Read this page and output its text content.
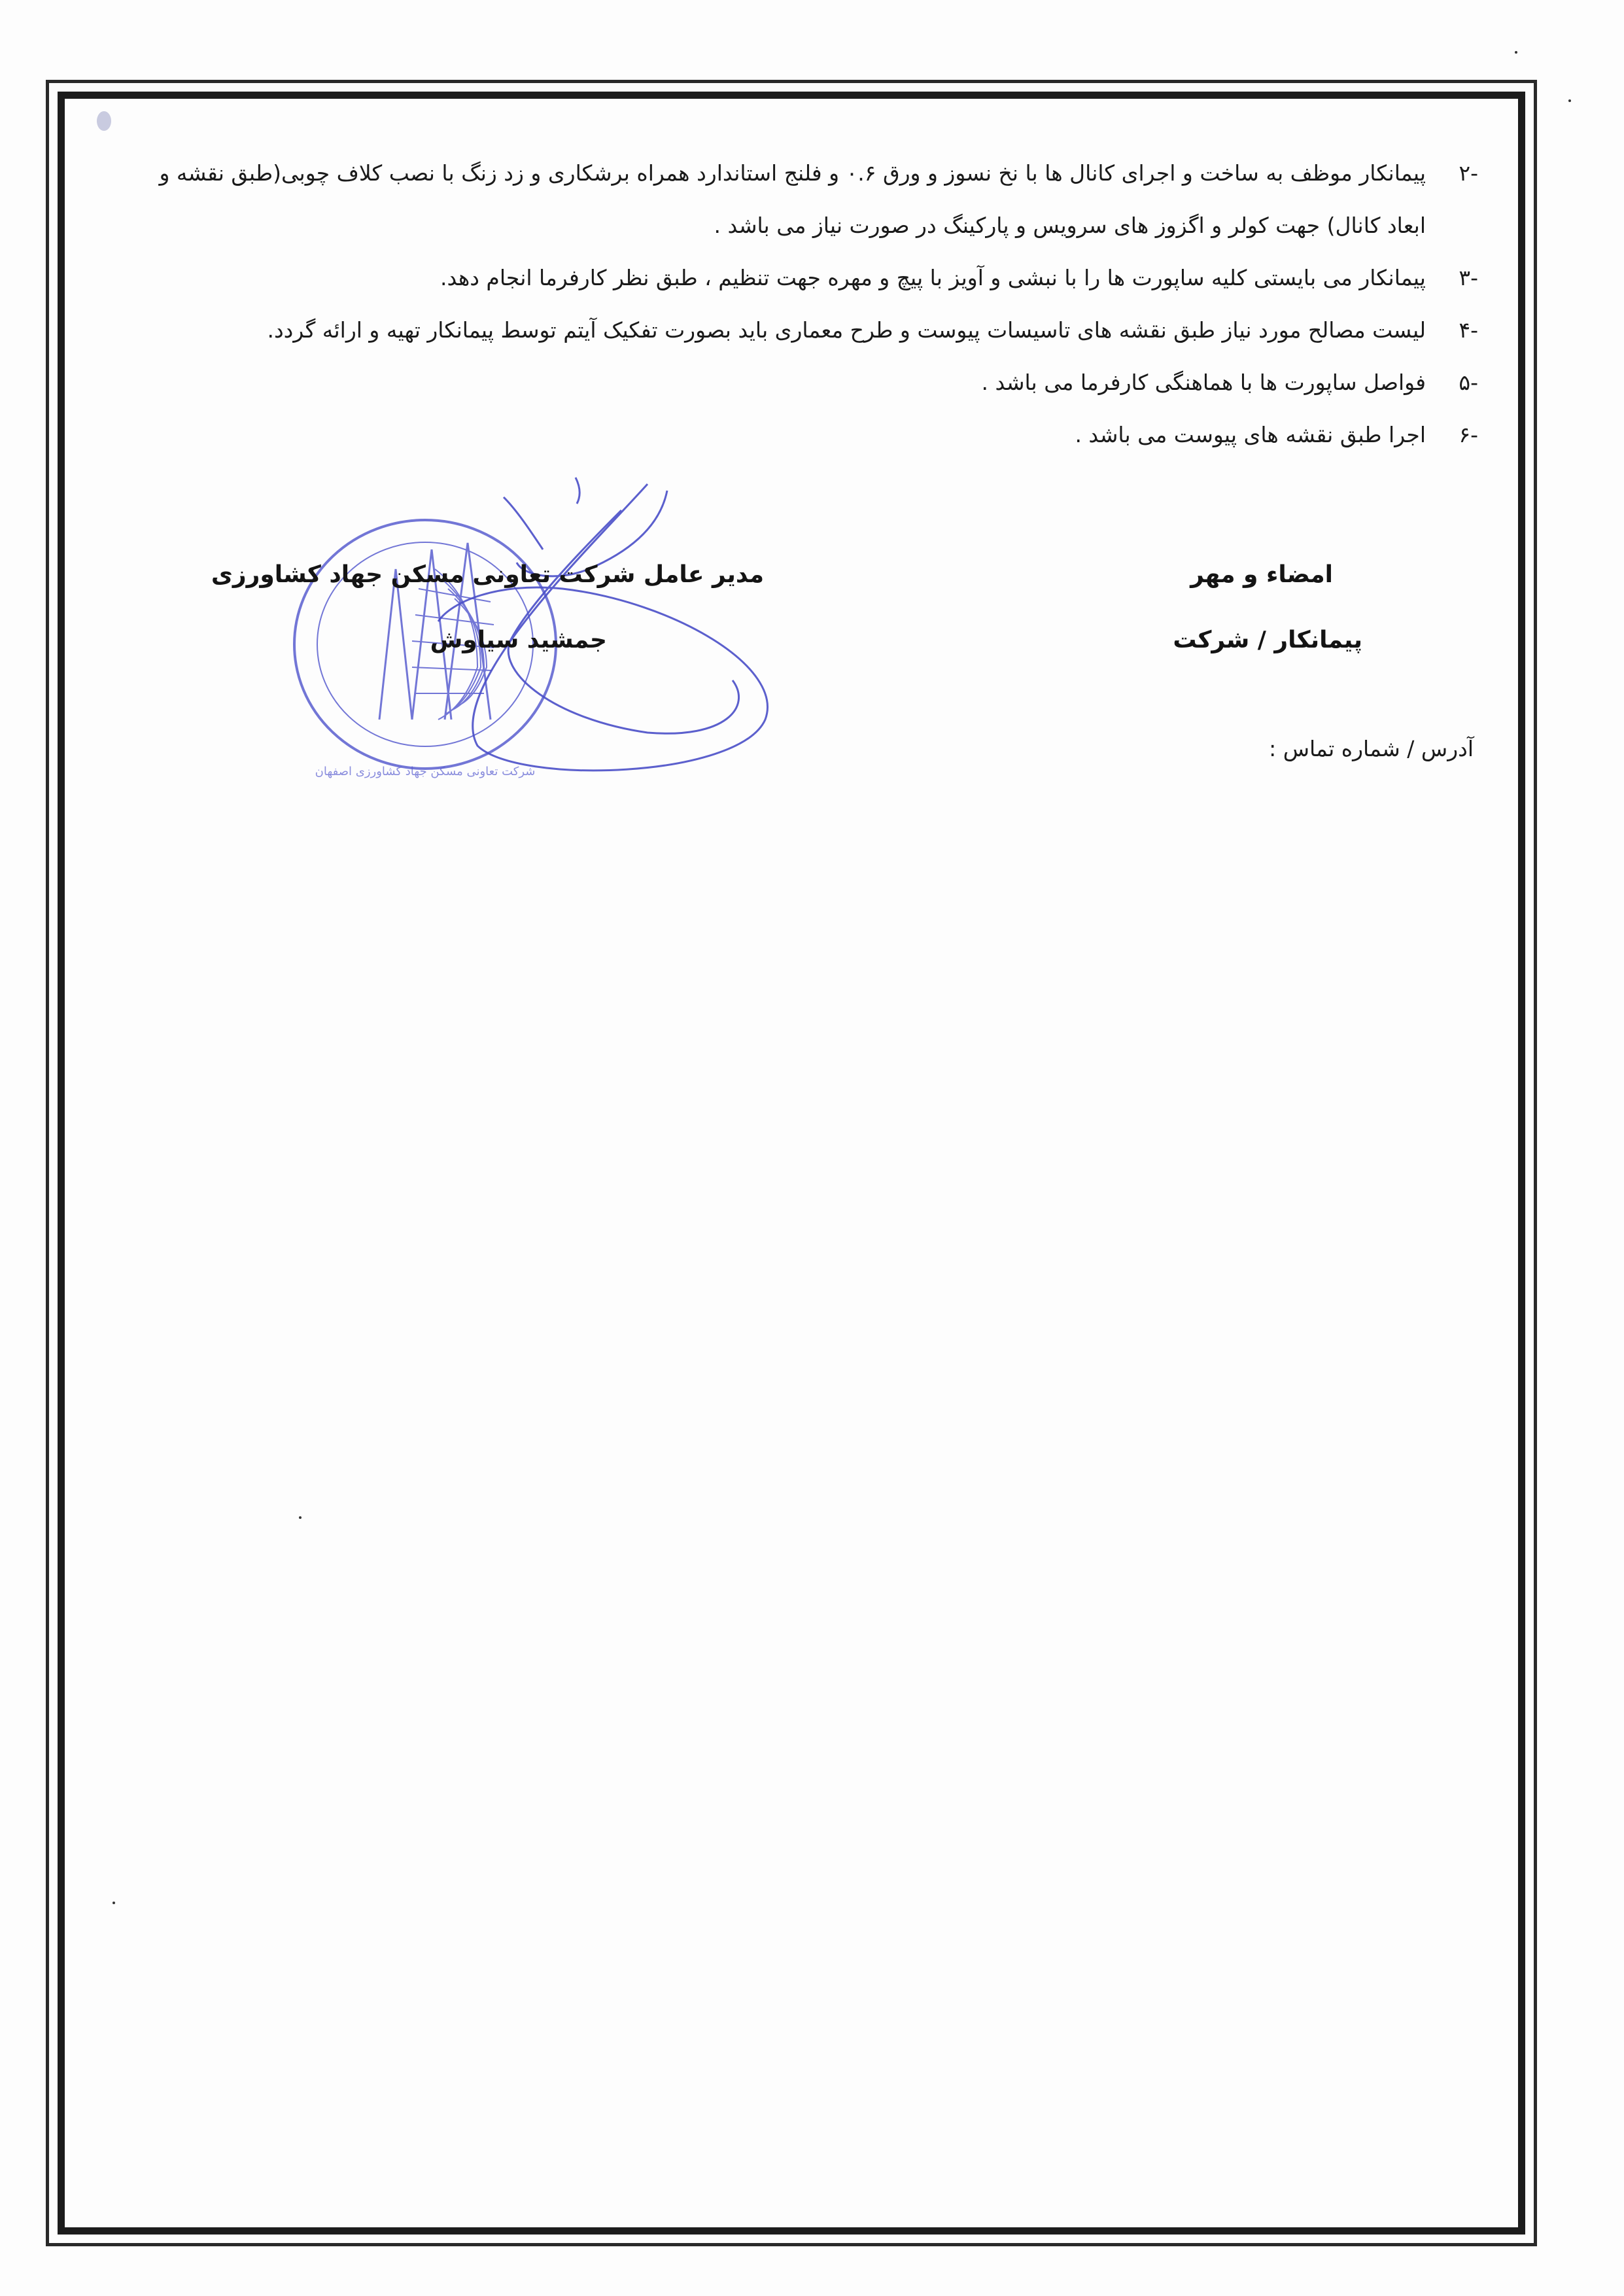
-۲
پیمانکار موظف به ساخت و اجرای کانال ها با نخ نسوز و ورق ۰.۶ و فلنج استاندارد همراه برشکاری و زد زنگ با نصب کلاف چوبی(طبق نقشه و ابعاد کانال) جهت کولر و اگزوز های سرویس و پارکینگ در صورت نیاز می باشد .
-۳
پیمانکار می بایستی کلیه ساپورت ها را با نبشی و آویز با پیچ و مهره جهت تنظیم ، طبق نظر کارفرما انجام دهد.
-۴
لیست مصالح مورد نیاز طبق نقشه های تاسیسات پیوست و طرح معماری باید بصورت تفکیک آیتم توسط پیمانکار تهیه و ارائه گردد.
-۵
فواصل ساپورت ها با هماهنگی کارفرما می باشد .
-۶
اجرا طبق نقشه های پیوست می باشد .
شرکت تعاونی مسکن جهاد کشاورزی اصفهان
امضاء و مهر
پیمانکار / شرکت
مدیر عامل شرکت تعاونی مسکن جهاد کشاورزی
جمشید سیاوش
آدرس / شماره تماس :
